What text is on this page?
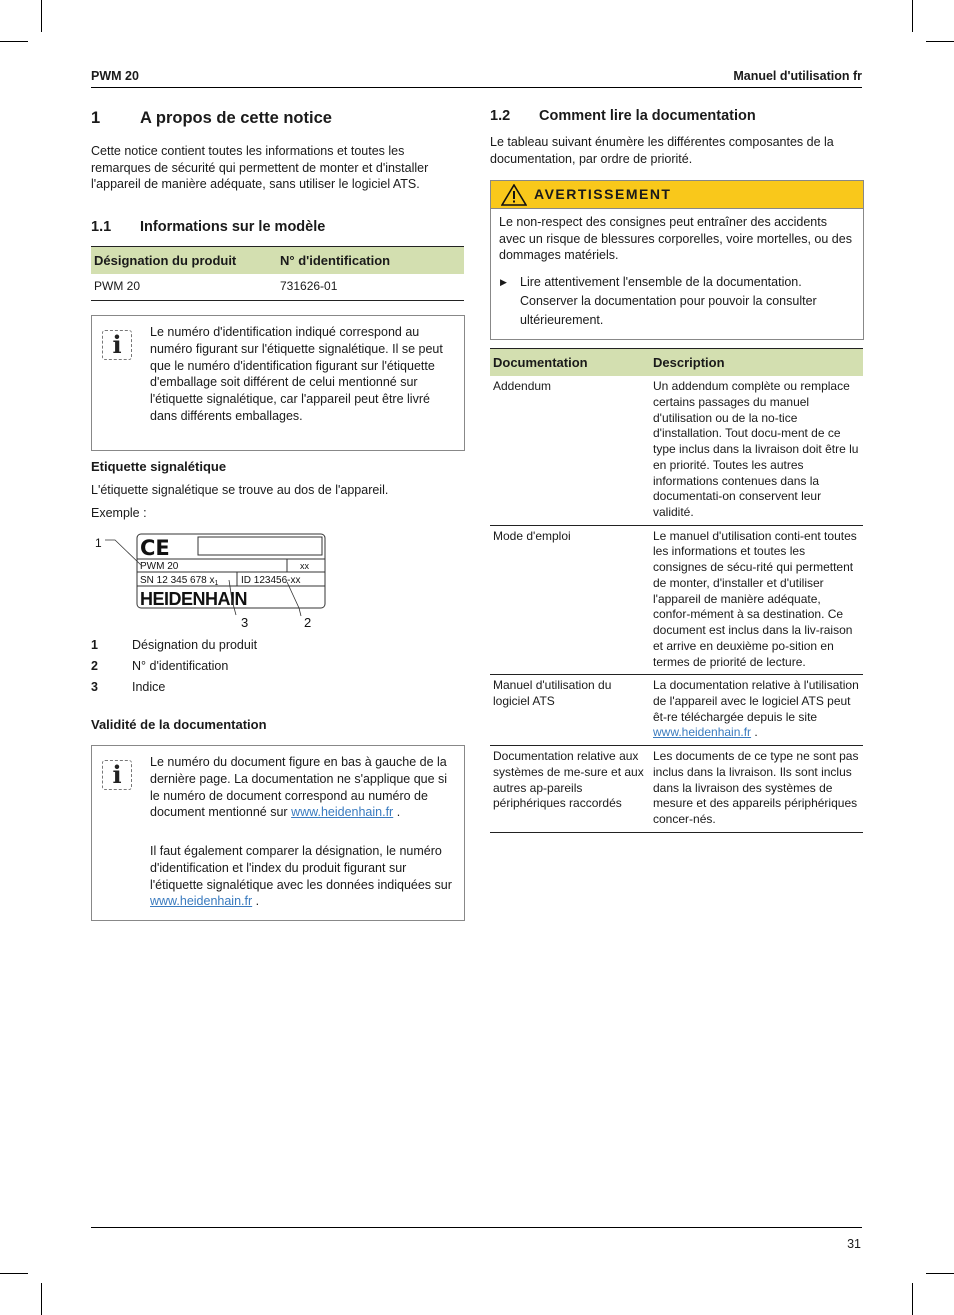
PWM 20	Manuel d'utilisation fr
1 A propos de cette notice

Cette notice contient toutes les informations et toutes les remarques de sécurité qui permettent de monter et d'installer l'appareil de manière adéquate, sans utiliser le logiciel ATS.

1.1 Informations sur le modèle
Désignation du produit	N° d'identification
PWM 20	731626-01
i	Le numéro d'identification indiqué correspond au numéro figurant sur l'étiquette signalétique. Il se peut que le numéro d'identification figurant sur l'étiquette d'emballage soit différent de celui mentionné sur l'étiquette signalétique, car l'appareil peut être livré dans différents emballages.

Etiquette signalétique

L'étiquette signalétique se trouve au dos de l'appareil.

Exemple :

CE
PWM 20	xx
SN 12 345 678 $x_1$ ID 123456-xx
HEIDENHAIN
1
3	2
1	Désignation du produit
2	N° d'identification
3	Indice
Validité de la documentation
i	Le numéro du document figure en bas à gauche de la dernière page. La documentation ne s'applique que si le numéro de document correspond au numéro de document mentionné sur www.heidenhain.fr .

Il faut également comparer la désignation, le numéro d'identification et l'index du produit figurant sur l'étiquette signalétique avec les données indiquées sur www.heidenhain.fr .

1.2 Comment lire la documentation

Le tableau suivant énumère les différentes composantes de la documentation, par ordre de priorité.

AVERTISSEMENT

Le non-respect des consignes peut entraîner des accidents avec un risque de blessures corporelles, voire mortelles, ou des dommages matériels.

▶ Lire attentivement l'ensemble de la documentation. Conserver la documentation pour pouvoir la consulter ultérieurement.

Documentation	Description
Addendum	Un addendum complète ou remplace certains passages du manuel d'utilisation ou de la no-tice d'installation. Tout docu-ment de ce type inclus dans la livraison doit être lu en priorité. Toutes les autres informations contenues dans la documentati-on conservent leur validité.
Mode d'emploi	Le manuel d'utilisation conti-ent toutes les informations et toutes les consignes de sécu-rité qui permettent de monter, d'installer et d'utiliser l'appareil de manière adéquate, confor-mément à sa destination. Ce document est inclus dans la liv-raison et arrive en deuxième po-sition en termes de priorité de lecture.
Manuel d'utilisation du logiciel ATS	La documentation relative à l'utilisation de l'appareil avec le logiciel ATS peut êt-re téléchargée depuis le site www.heidenhain.fr .
Documentation relative aux systèmes de me-sure et aux autres ap-pareils périphériques raccordés	Les documents de ce type ne sont pas inclus dans la livraison. Ils sont inclus dans la livraison des systèmes de mesure et des appareils périphériques concer-nés.
31
